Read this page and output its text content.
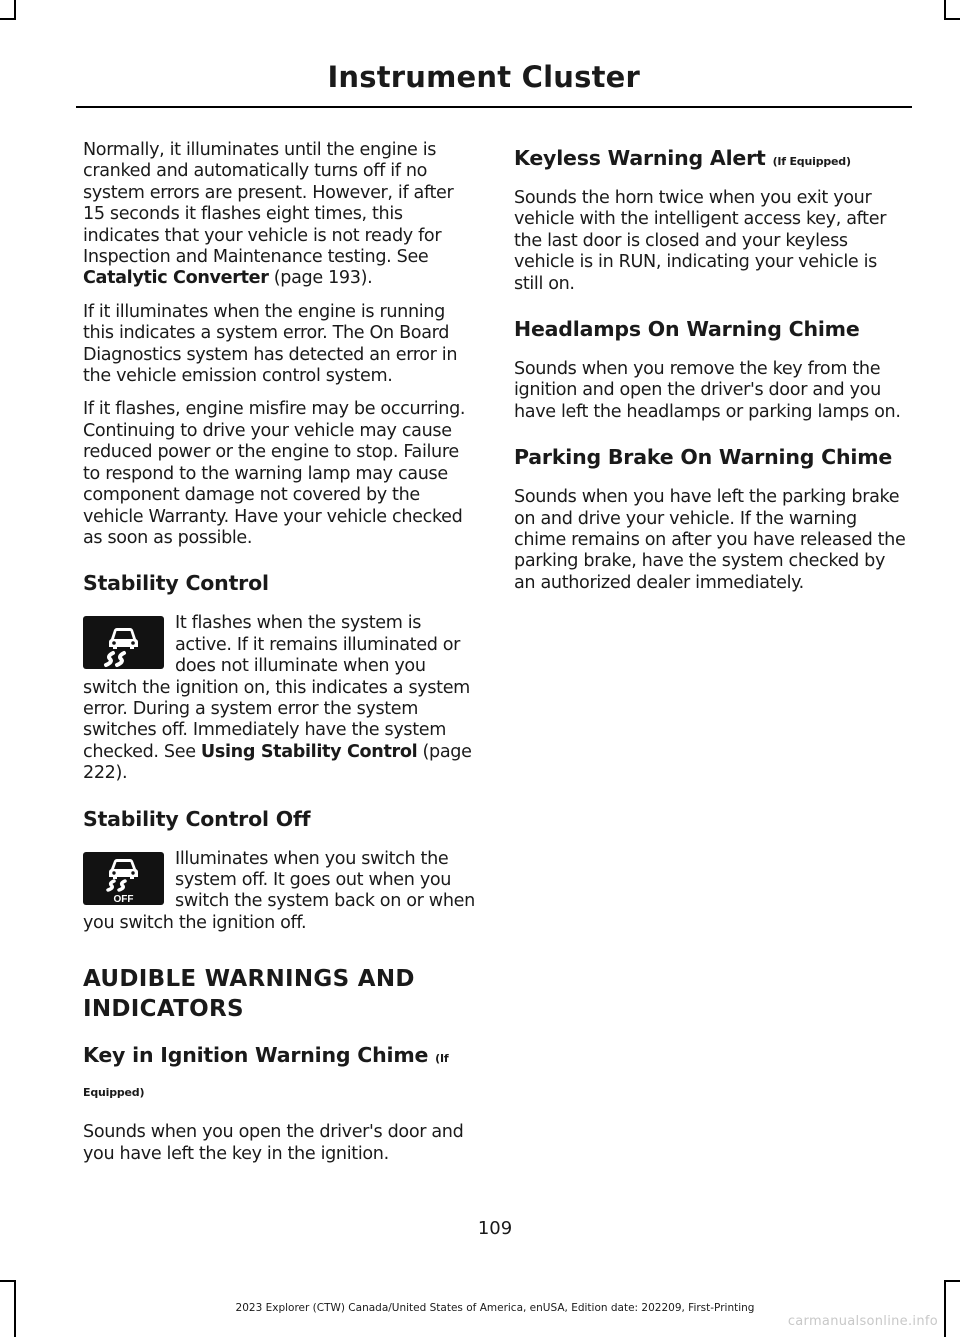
Instrument Cluster

Normally, it illuminates until the engine is cranked and automatically turns off if no system errors are present. However, if after 15 seconds it flashes eight times, this indicates that your vehicle is not ready for Inspection and Maintenance testing. See Catalytic Converter (page 193).

If it illuminates when the engine is running this indicates a system error. The On Board Diagnostics system has detected an error in the vehicle emission control system.

If it flashes, engine misfire may be occurring. Continuing to drive your vehicle may cause reduced power or the engine to stop. Failure to respond to the warning lamp may cause component damage not covered by the vehicle Warranty. Have your vehicle checked as soon as possible.

Stability Control

It flashes when the system is active. If it remains illuminated or does not illuminate when you switch the ignition on, this indicates a system error. During a system error the system switches off. Immediately have the system checked. See Using Stability Control (page 222).

Stability Control Off
OFF

Illuminates when you switch the system off. It goes out when you switch the system back on or when you switch the ignition off.

AUDIBLE WARNINGS AND INDICATORS
Key in Ignition Warning Chime (If Equipped)

Sounds when you open the driver's door and you have left the key in the ignition.

Keyless Warning Alert (If Equipped)

Sounds the horn twice when you exit your vehicle with the intelligent access key, after the last door is closed and your keyless vehicle is in RUN, indicating your vehicle is still on.

Headlamps On Warning Chime

Sounds when you remove the key from the ignition and open the driver's door and you have left the headlamps or parking lamps on.

Parking Brake On Warning Chime

Sounds when you have left the parking brake on and drive your vehicle. If the warning chime remains on after you have released the parking brake, have the system checked by an authorized dealer immediately.

109
2023 Explorer (CTW) Canada/United States of America, enUSA, Edition date: 202209, First-Printing
carmanualsonline.info
